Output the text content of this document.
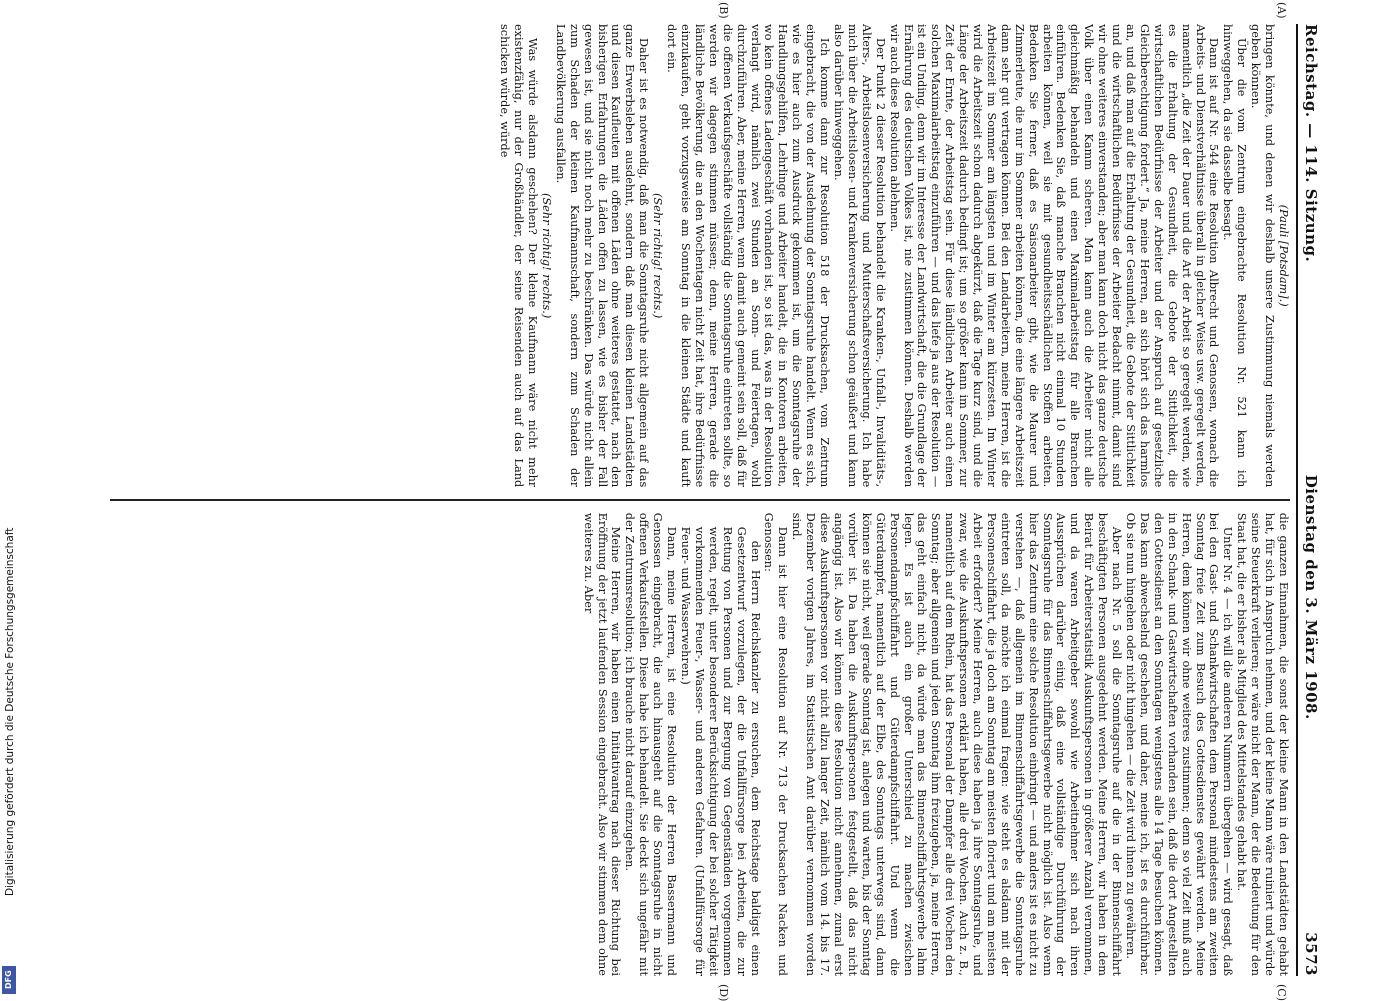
Digitalisierung gefördert durch die Deutsche Forschungsgemeinschaft
DFG
Reichstag. — 114. Sitzung.
Dienstag den 3. März 1908.
3573
(A)
(B)
(C)
(D)

(Pauli [Potsdam].)

bringen könnte, und denen wir deshalb unsere Zustimmung niemals werden geben können.

Über die vom Zentrum eingebrachte Resolution Nr. 521 kann ich hinweggehen, da sie dasselbe besagt.

Dann ist auf Nr. 544 eine Resolution Albrecht und Genossen, wonach die Arbeits- und Dienstverhältnisse überall in gleicher Weise usw. geregelt werden, namentlich „die Zeit der Dauer und die Art der Arbeit so geregelt werden, wie es die Erhaltung der Gesundheit, die Gebote der Sittlichkeit, die wirtschaftlichen Bedürfnisse der Arbeiter und der Anspruch auf gesetzliche Gleichberechtigung fordert.“ Ja, meine Herren, an sich hört sich das harmlos an, und daß man auf die Erhaltung der Gesundheit, die Gebote der Sittlichkeit und die wirtschaftlichen Bedürfnisse der Arbeiter Bedacht nimmt, damit sind wir ohne weiteres einverstanden; aber man kann doch nicht das ganze deutsche Volk über einen Kamm scheren. Man kann auch die Arbeiter nicht alle gleichmäßig behandeln und einen Maximalarbeitstag für alle Branchen einführen. Bedenken Sie, daß manche Branchen nicht einmal 10 Stunden arbeiten können, weil sie mit gesundheitsschädlichen Stoffen arbeiten. Bedenken Sie ferner, daß es Saisonarbeiter gibt, wie die Maurer und Zimmerleute, die nur im Sommer arbeiten können, die eine längere Arbeitszeit dann sehr gut vertragen können. Bei den Landarbeitern, meine Herren, ist die Arbeitszeit im Sommer am längsten und im Winter am kürzesten. Im Winter wird die Arbeitszeit schon dadurch abgekürzt, daß die Tage kurz sind, und die Länge der Arbeitszeit dadurch bedingt ist; um so größer kann im Sommer, zur Zeit der Ernte, der Arbeitstag sein. Für diese ländlichen Arbeiter auch einen solchen Maximalarbeitstag einzuführen — und das liefe ja aus der Resolution — ist ein Unding, denn wir im Interesse der Landwirtschaft, die die Grundlage der Ernährung des deutschen Volkes ist, nie zustimmen können. Deshalb werden wir auch diese Resolution ablehnen.

Der Punkt 2 dieser Resolution behandelt die Kranken-, Unfall-, Invaliditäts-, Alters-, Arbeitslosenversicherung und Mutterschaftsversicherung. Ich habe mich über die Arbeitslosen- und Krankenversicherung schon geäußert und kann also darüber hinweggehen.

Ich komme dann zur Resolution 518 der Drucksachen, vom Zentrum eingebracht, die von der Ausdehnung der Sonntagsruhe handelt. Wenn es sich, wie es hier auch zum Ausdruck gekommen ist, um die Sonntagsruhe der Handlungsgehilfen, Lehrlinge und Arbeiter handelt, die in Kontoren arbeiten, wo kein offenes Ladengeschäft vorhanden ist, so ist das, was in der Resolution verlangt wird, nämlich zwei Stunden an Sonn- und Feiertagen, wohl durchzuführen. Aber, meine Herren, wenn damit auch gemeint sein soll, daß für die offenen Verkaufsgeschäfte vollständig die Sonntagsruhe eintreten sollte, so werden wir dagegen stimmen müssen; denn, meine Herren, gerade die ländliche Bevölkerung, die an den Wochentagen nicht Zeit hat, ihre Bedürfnisse einzukaufen, geht vorzugsweise am Sonntag in die kleinen Städte und kauft dort ein.

(Sehr richtig! rechts.)

Daher ist es notwendig, daß man die Sonntagsruhe nicht allgemein auf das ganze Erwerbsleben ausdehnt, sondern daß man diesen kleinen Landstädten und diesen Kaufleuten mit offenen Läden ohne weiteres gestattet, nach den bisherigen Erfahrungen die Läden offen zu lassen, wie es bisher der Fall gewesen ist, und sie nicht noch mehr zu beschränken. Das würde nicht allein zum Schaden der kleinen Kaufmannschaft, sondern zum Schaden der Landbevölkerung ausfallen.

(Sehr richtig! rechts.)

Was würde alsdann geschehen? Der kleine Kaufmann wäre nicht mehr existenzfähig, nur der Großhändler, der seine Reisenden auch auf das Land schicken würde, würde

die ganzen Einnahmen, die sonst der kleine Mann in den Landstädten gehabt hat, für sich in Anspruch nehmen, und der kleine Mann wäre ruiniert und würde seine Steuerkraft verlieren; er wäre nicht der Mann, der die Bedeutung für den Staat hat, die er bisher als Mitglied des Mittelstandes gehabt hat.

Unter Nr. 4 — ich will die anderen Nummern übergehen — wird gesagt, daß bei den Gast- und Schankwirtschaften dem Personal mindestens am zweiten Sonntag freie Zeit zum Besuch des Gottesdienstes gewährt werden. Meine Herren, dem können wir ohne weiteres zustimmen; denn so viel Zeit muß auch in den Schank- und Gastwirtschaften vorhanden sein, daß die dort Angestellten den Gottesdienst an den Sonntagen wenigstens alle 14 Tage besuchen können. Das kann abwechselnd geschehen, und daher, meine ich, ist es durchführbar. Ob sie nun hingehen oder nicht hingehen — die Zeit wird ihnen zu gewähren.

Aber nach Nr. 5 soll die Sonntagsruhe auf die in der Binnenschiffahrt beschäftigten Personen ausgedehnt werden. Meine Herren, wir haben in dem Beirat für Arbeiterstatistik Auskunftspersonen in größerer Anzahl vernommen, und da waren Arbeitgeber sowohl wie Arbeitnehmer sich nach ihren Aussprüchen darüber einig, daß eine vollständige Durchführung der Sonntagsruhe für das Binnenschiffahrtsgewerbe nicht möglich ist. Also wenn hier das Zentrum eine solche Resolution einbringt — und anders ist es nicht zu verstehen —, daß allgemein im Binnenschiffahrtsgewerbe die Sonntagsruhe eintreten soll, da möchte ich einmal fragen: wie steht es alsdann mit der Personenschiffahrt, die ja doch am Sonntag am meisten floriert und am meisten Arbeit erfordert? Meine Herren, auch diese haben ja ihre Sonntagsruhe, und zwar, wie die Auskunftspersonen erklärt haben, alle drei Wochen. Auch z. B., namentlich auf dem Rhein, hat das Personal der Dampfer alle drei Wochen den Sonntag; aber allgemein und jeden Sonntag ihm freizugeben, ja, meine Herren, das geht einfach nicht, da würde man das Binnenschiffahrtsgewerbe lahm legen. Es ist auch ein großer Unterschied zu machen zwischen Personendampfschiffahrt und Güterdampfschiffahrt. Und wenn die Güterdampfer, namentlich auf der Elbe, des Sonntags unterwegs sind, dann können sie nicht, weil gerade Sonntag ist, anlegen und warten, bis der Sonntag vorüber ist. Da haben die Auskunftspersonen festgestellt, daß das nicht angängig ist. Also wir können diese Resolution nicht annehmen, zumal erst diese Auskunftspersonen vor nicht allzu langer Zeit, nämlich vom 14. bis 17. Dezember vorigen Jahres, im Statistischen Amt darüber vernommen worden sind.

Dann ist hier eine Resolution auf Nr. 713 der Drucksachen Nacken und Genossen:

den Herrn Reichskanzler zu ersuchen, dem Reichstage baldigst einen Gesetzentwurf vorzulegen, der die Unfallfürsorge bei Arbeiten, die zur Rettung von Personen und zur Bergung von Gegenständen vorgenommen werden, regelt, unter besonderer Berücksichtigung der bei solcher Tätigkeit vorkommenden Feuer-, Wasser- und anderen Gefahren. (Unfallfürsorge für Feuer- und Wasserwehren.)

Dann, meine Herren, ist eine Resolution der Herren Bassermann und Genossen eingebracht, die auch hinausgeht auf die Sonntagsruhe in nicht offenen Verkaufsstellen. Diese habe ich behandelt. Sie deckt sich ungefähr mit der Zentrumsresolution; ich brauche nicht darauf einzugehen.

Meine Herren, wir haben einen Initiativantrag nach dieser Richtung bei Eröffnung der jetzt laufenden Session eingebracht. Also wir stimmen dem ohne weiteres zu. Aber
